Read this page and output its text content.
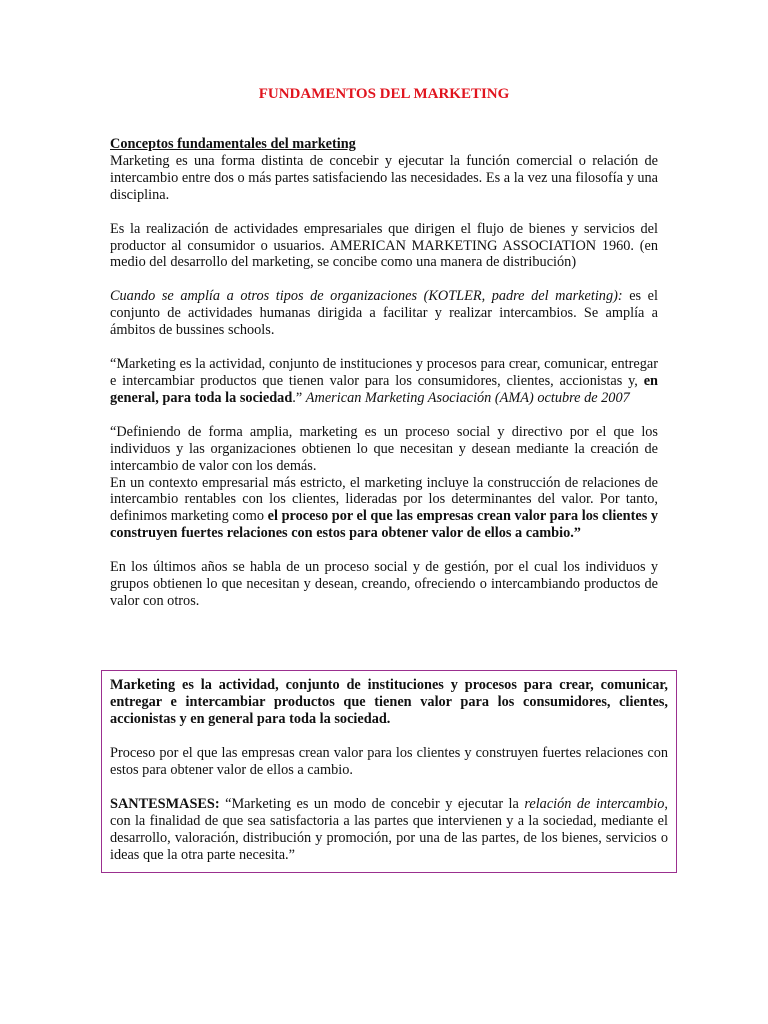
FUNDAMENTOS DEL MARKETING

Conceptos fundamentales del marketing

Marketing es una forma distinta de concebir y ejecutar la función comercial o relación de intercambio entre dos o más partes satisfaciendo las necesidades. Es a la vez una filosofía y una disciplina.

Es la realización de actividades empresariales que dirigen el flujo de bienes y servicios del productor al consumidor o usuarios. AMERICAN MARKETING ASSOCIATION 1960. (en medio del desarrollo del marketing, se concibe como una manera de distribución)

Cuando se amplía a otros tipos de organizaciones (KOTLER, padre del marketing): es el conjunto de actividades humanas dirigida a facilitar y realizar intercambios. Se amplía a ámbitos de bussines schools.

“Marketing es la actividad, conjunto de instituciones y procesos para crear, comunicar, entregar e intercambiar productos que tienen valor para los consumidores, clientes, accionistas y, en general, para toda la sociedad.” American Marketing Asociación (AMA) octubre de 2007

“Definiendo de forma amplia, marketing es un proceso social y directivo por el que los individuos y las organizaciones obtienen lo que necesitan y desean mediante la creación de intercambio de valor con los demás.

En un contexto empresarial más estricto, el marketing incluye la construcción de relaciones de intercambio rentables con los clientes, lideradas por los determinantes del valor. Por tanto, definimos marketing como el proceso por el que las empresas crean valor para los clientes y construyen fuertes relaciones con estos para obtener valor de ellos a cambio.”

En los últimos años se habla de un proceso social y de gestión, por el cual los individuos y grupos obtienen lo que necesitan y desean, creando, ofreciendo o intercambiando productos de valor con otros.

Marketing es la actividad, conjunto de instituciones y procesos para crear, comunicar, entregar e intercambiar productos que tienen valor para los consumidores, clientes, accionistas y en general para toda la sociedad.

Proceso por el que las empresas crean valor para los clientes y construyen fuertes relaciones con estos para obtener valor de ellos a cambio.

SANTESMASES: “Marketing es un modo de concebir y ejecutar la relación de intercambio, con la finalidad de que sea satisfactoria a las partes que intervienen y a la sociedad, mediante el desarrollo, valoración, distribución y promoción, por una de las partes, de los bienes, servicios o ideas que la otra parte necesita.”
